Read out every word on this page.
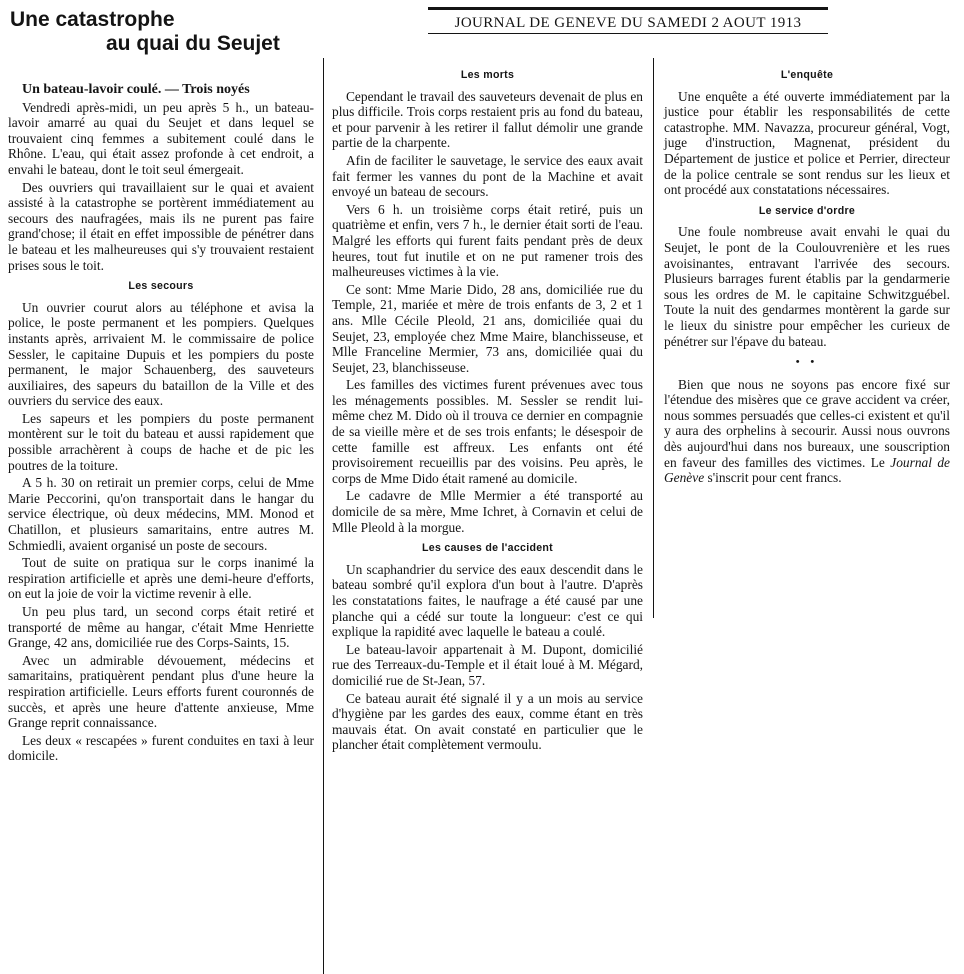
Une catastrophe
au quai du Seujet
JOURNAL DE GENEVE DU SAMEDI 2 AOUT 1913
Un bateau-lavoir coulé. — Trois noyés

Vendredi après-midi, un peu après 5 h., un bateau-lavoir amarré au quai du Seujet et dans lequel se trouvaient cinq femmes a subitement coulé dans le Rhône. L'eau, qui était assez profonde à cet endroit, a envahi le bateau, dont le toit seul émergeait.

Des ouvriers qui travaillaient sur le quai et avaient assisté à la catastrophe se portèrent immédiatement au secours des naufragées, mais ils ne purent pas faire grand'chose; il était en effet impossible de pénétrer dans le bateau et les malheureuses qui s'y trouvaient restaient prises sous le toit.

Les secours

Un ouvrier courut alors au téléphone et avisa la police, le poste permanent et les pompiers. Quelques instants après, arrivaient M. le commissaire de police Sessler, le capitaine Dupuis et les pompiers du poste permanent, le major Schauenberg, des sauveteurs auxiliaires, des sapeurs du bataillon de la Ville et des ouvriers du service des eaux.

Les sapeurs et les pompiers du poste permanent montèrent sur le toit du bateau et aussi rapidement que possible arrachèrent à coups de hache et de pic les poutres de la toiture.

A 5 h. 30 on retirait un premier corps, celui de Mme Marie Peccorini, qu'on transportait dans le hangar du service électrique, où deux médecins, MM. Monod et Chatillon, et plusieurs samaritains, entre autres M. Schmiedli, avaient organisé un poste de secours.

Tout de suite on pratiqua sur le corps inanimé la respiration artificielle et après une demi-heure d'efforts, on eut la joie de voir la victime revenir à elle.

Un peu plus tard, un second corps était retiré et transporté de même au hangar, c'était Mme Henriette Grange, 42 ans, domiciliée rue des Corps-Saints, 15.

Avec un admirable dévouement, médecins et samaritains, pratiquèrent pendant plus d'une heure la respiration artificielle. Leurs efforts furent couronnés de succès, et après une heure d'attente anxieuse, Mme Grange reprit connaissance.

Les deux « rescapées » furent conduites en taxi à leur domicile.

Les morts

Cependant le travail des sauveteurs devenait de plus en plus difficile. Trois corps restaient pris au fond du bateau, et pour parvenir à les retirer il fallut démolir une grande partie de la charpente.

Afin de faciliter le sauvetage, le service des eaux avait fait fermer les vannes du pont de la Machine et avait envoyé un bateau de secours.

Vers 6 h. un troisième corps était retiré, puis un quatrième et enfin, vers 7 h., le dernier était sorti de l'eau. Malgré les efforts qui furent faits pendant près de deux heures, tout fut inutile et on ne put ramener trois des malheureuses victimes à la vie.

Ce sont: Mme Marie Dido, 28 ans, domiciliée rue du Temple, 21, mariée et mère de trois enfants de 3, 2 et 1 ans. Mlle Cécile Pleold, 21 ans, domiciliée quai du Seujet, 23, employée chez Mme Maire, blanchisseuse, et Mlle Franceline Mermier, 73 ans, domiciliée quai du Seujet, 23, blanchisseuse.

Les familles des victimes furent prévenues avec tous les ménagements possibles. M. Sessler se rendit lui-même chez M. Dido où il trouva ce dernier en compagnie de sa vieille mère et de ses trois enfants; le désespoir de cette famille est affreux. Les enfants ont été provisoirement recueillis par des voisins. Peu après, le corps de Mme Dido était ramené au domicile.

Le cadavre de Mlle Mermier a été transporté au domicile de sa mère, Mme Ichret, à Cornavin et celui de Mlle Pleold à la morgue.

Les causes de l'accident

Un scaphandrier du service des eaux descendit dans le bateau sombré qu'il explora d'un bout à l'autre. D'après les constatations faites, le naufrage a été causé par une planche qui a cédé sur toute la longueur: c'est ce qui explique la rapidité avec laquelle le bateau a coulé.

Le bateau-lavoir appartenait à M. Dupont, domicilié rue des Terreaux-du-Temple et il était loué à M. Mégard, domicilié rue de St-Jean, 57.

Ce bateau aurait été signalé il y a un mois au service d'hygiène par les gardes des eaux, comme étant en très mauvais état. On avait constaté en particulier que le plancher était complètement vermoulu.

L'enquête

Une enquête a été ouverte immédiatement par la justice pour établir les responsabilités de cette catastrophe. MM. Navazza, procureur général, Vogt, juge d'instruction, Magnenat, président du Département de justice et police et Perrier, directeur de la police centrale se sont rendus sur les lieux et ont procédé aux constatations nécessaires.

Le service d'ordre

Une foule nombreuse avait envahi le quai du Seujet, le pont de la Coulouvrenière et les rues avoisinantes, entravant l'arrivée des secours. Plusieurs barrages furent établis par la gendarmerie sous les ordres de M. le capitaine Schwitzguébel. Toute la nuit des gendarmes montèrent la garde sur le lieux du sinistre pour empêcher les curieux de pénétrer sur l'épave du bateau.

• •

Bien que nous ne soyons pas encore fixé sur l'étendue des misères que ce grave accident va créer, nous sommes persuadés que celles-ci existent et qu'il y aura des orphelins à secourir. Aussi nous ouvrons dès aujourd'hui dans nos bureaux, une souscription en faveur des familles des victimes. Le Journal de Genève s'inscrit pour cent francs.
